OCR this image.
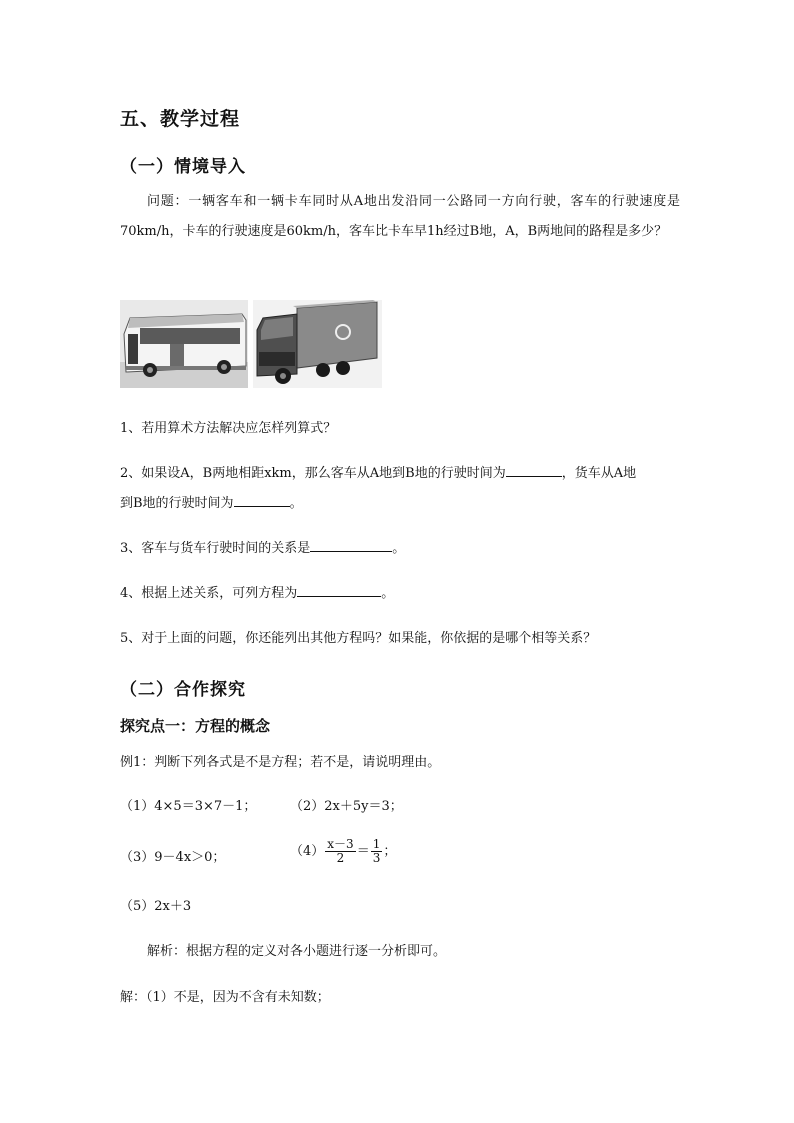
五、教学过程
（一）情境导入
问题：一辆客车和一辆卡车同时从A地出发沿同一公路同一方向行驶，客车的行驶速度是70km/h，卡车的行驶速度是60km/h，客车比卡车早1h经过B地，A，B两地间的路程是多少？
1、若用算术方法解决应怎样列算式？
2、如果设A，B两地相距xkm，那么客车从A地到B地的行驶时间为	，货车从A地
到B地的行驶时间为	。
3、客车与货车行驶时间的关系是	。
4、根据上述关系，可列方程为	。
5、对于上面的问题，你还能列出其他方程吗？如果能，你依据的是哪个相等关系？
（二）合作探究
探究点一：方程的概念
例1：判断下列各式是不是方程；若不是，请说明理由。
（1）4×5＝3×7－1；	（2）2x＋5y＝3；
（3）9－4x＞0；	$(4) \frac{x-3}{2} = \frac{1}{3}$ ；
（5）2x＋3
解析：根据方程的定义对各小题进行逐一分析即可。
解：（1）不是，因为不含有未知数；
